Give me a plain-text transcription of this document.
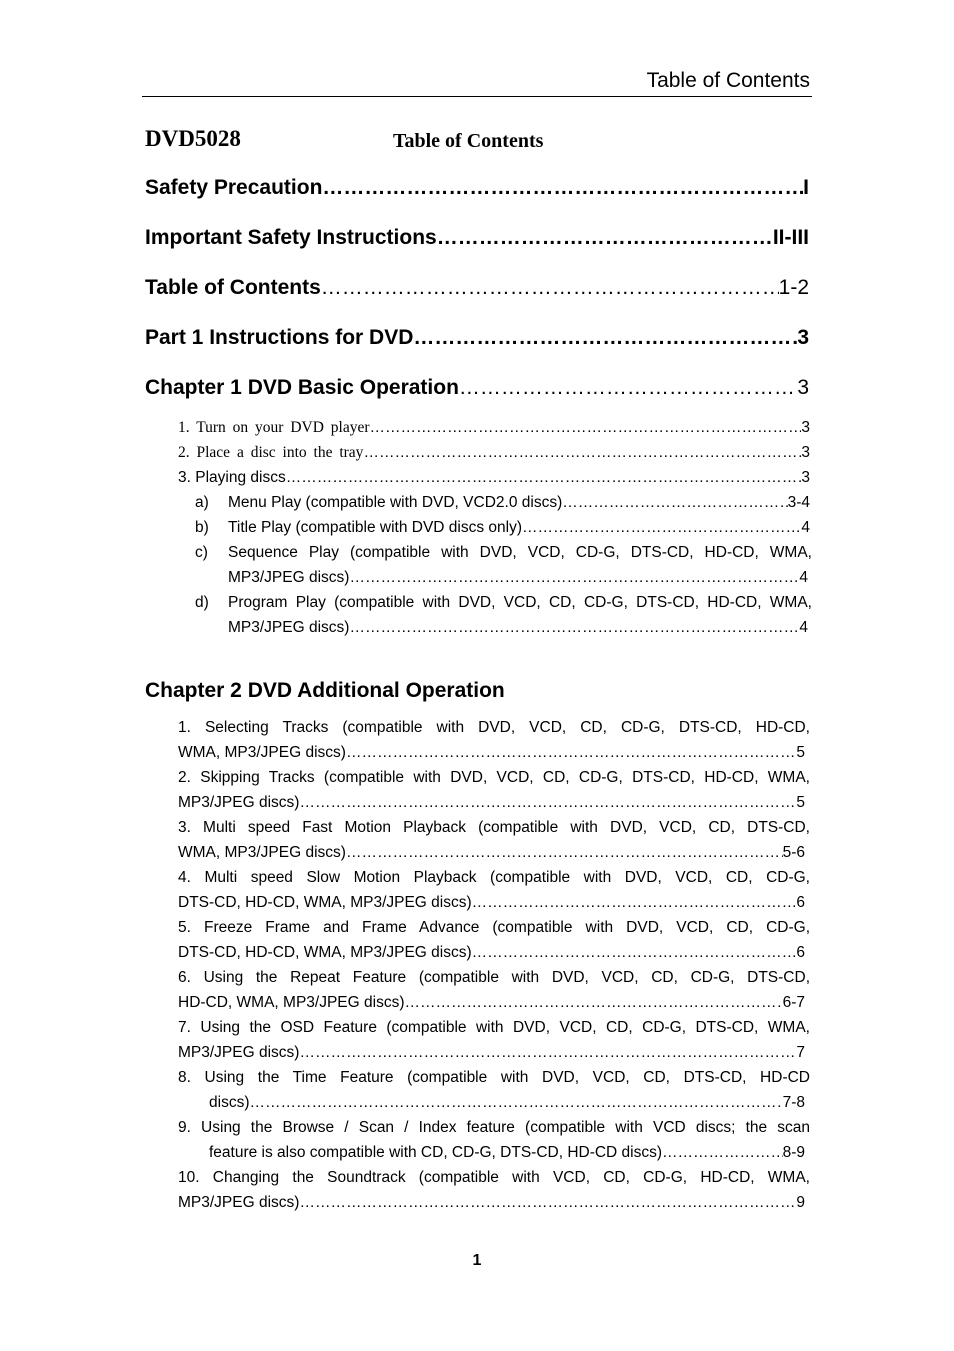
Table of Contents
DVD5028	Table of Contents
Safety Precaution …………………………………………………………………………………………………………………………………………………………………………………………………………	I
Important Safety Instructions …………………………………………………………………………………………………………………………………………………………………………………………………………	II-III
Table of Contents …………………………………………………………………………………………………………………………………………………………………………………………………………	1-2
Part 1 Instructions for DVD …………………………………………………………………………………………………………………………………………………………………………………………………………	3
Chapter 1 DVD Basic Operation …………………………………………………………………………………………………………………………………………………………………………………………………………	3
1. Turn on your DVD player …………………………………………………………………………………………………………………………………………………………………………………………………………	3
2. Place a disc into the tray …………………………………………………………………………………………………………………………………………………………………………………………………………	3
3. Playing discs… …………………………………………………………………………………………………………………………………………………………………………………………………………	3
a) Menu Play (compatible with DVD, VCD2.0 discs) …………………………………………………………………………………………………………………………………………………………………………………………………………	3-4
b) Title Play (compatible with DVD discs only) …………………………………………………………………………………………………………………………………………………………………………………………………………	4
c) Sequence Play (compatible with DVD, VCD, CD-G, DTS-CD, HD-CD, WMA,
MP3/JPEG discs) …………………………………………………………………………………………………………………………………………………………………………………………………………	4
d) Program Play (compatible with DVD, VCD, CD, CD-G, DTS-CD, HD-CD, WMA,
MP3/JPEG discs) …………………………………………………………………………………………………………………………………………………………………………………………………………	4
Chapter 2 DVD Additional Operation
1. Selecting Tracks (compatible with DVD, VCD, CD, CD-G, DTS-CD, HD-CD,
WMA, MP3/JPEG discs) …………………………………………………………………………………………………………………………………………………………………………………………………………	5
2. Skipping Tracks (compatible with DVD, VCD, CD, CD-G, DTS-CD, HD-CD, WMA,
MP3/JPEG discs) …………………………………………………………………………………………………………………………………………………………………………………………………………	5
3. Multi speed Fast Motion Playback (compatible with DVD, VCD, CD, DTS-CD,
WMA, MP3/JPEG discs) …………………………………………………………………………………………………………………………………………………………………………………………………………	5-6
4. Multi speed Slow Motion Playback (compatible with DVD, VCD, CD, CD-G,
DTS-CD, HD-CD, WMA, MP3/JPEG discs) …………………………………………………………………………………………………………………………………………………………………………………………………………	6
5. Freeze Frame and Frame Advance (compatible with DVD, VCD, CD, CD-G,
DTS-CD, HD-CD, WMA, MP3/JPEG discs) …………………………………………………………………………………………………………………………………………………………………………………………………………	6
6. Using the Repeat Feature (compatible with DVD, VCD, CD, CD-G, DTS-CD,
HD-CD, WMA, MP3/JPEG discs) …………………………………………………………………………………………………………………………………………………………………………………………………………	6-7
7. Using the OSD Feature (compatible with DVD, VCD, CD, CD-G, DTS-CD, WMA,
MP3/JPEG discs) …………………………………………………………………………………………………………………………………………………………………………………………………………	7
8. Using the Time Feature (compatible with DVD, VCD, CD, DTS-CD, HD-CD
discs) …………………………………………………………………………………………………………………………………………………………………………………………………………	7-8
9. Using the Browse / Scan / Index feature (compatible with VCD discs; the scan
feature is also compatible with CD, CD-G, DTS-CD, HD-CD discs) …………………………………………………………………………………………………………………………………………………………………………………………………………	8-9
10. Changing the Soundtrack (compatible with VCD, CD, CD-G, HD-CD, WMA,
MP3/JPEG discs) …………………………………………………………………………………………………………………………………………………………………………………………………………	9
1
